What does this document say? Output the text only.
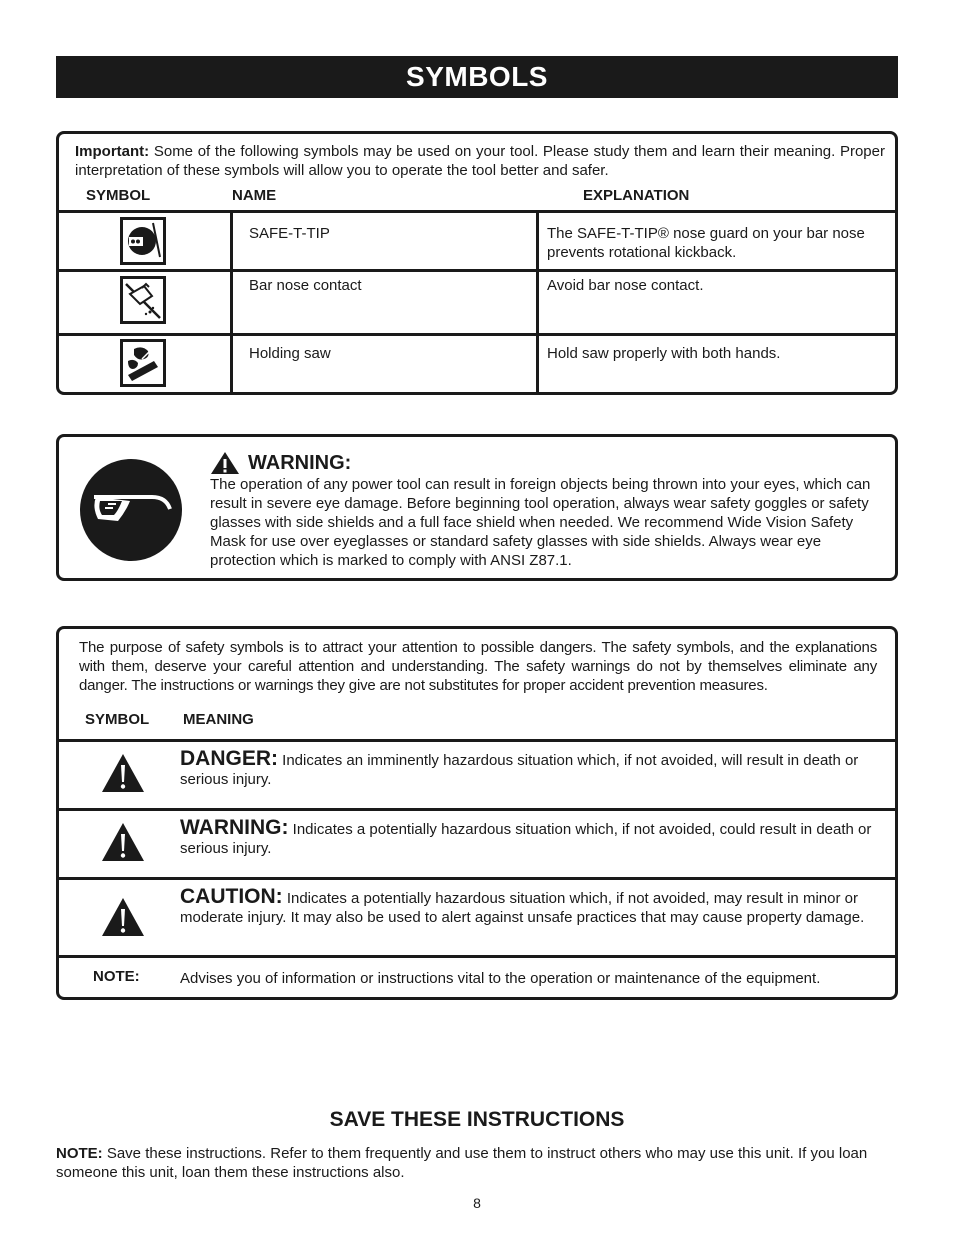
SYMBOLS
Important: Some of the following symbols may be used on your tool. Please study them and learn their meaning. Proper interpretation of these symbols will allow you to operate the tool better and safer.
SYMBOL	NAME	EXPLANATION
SAFE-T-TIP	The SAFE-T-TIP® nose guard on your bar nose prevents rotational kickback.
Bar nose contact	Avoid bar nose contact.
Holding saw	Hold saw properly with both hands.
WARNING:
The operation of any power tool can result in foreign objects being thrown into your eyes, which can result in severe eye damage. Before beginning tool operation, always wear safety goggles or safety glasses with side shields and a full face shield when needed. We recommend Wide Vision Safety Mask for use over eyeglasses or standard safety glasses with side shields. Always wear eye protection which is marked to comply with ANSI Z87.1.
The purpose of safety symbols is to attract your attention to possible dangers. The safety symbols, and the explanations with them, deserve your careful attention and understanding. The safety warnings do not by themselves eliminate any danger. The instructions or warnings they give are not substitutes for proper accident prevention measures.
SYMBOL MEANING
DANGER: Indicates an imminently hazardous situation which, if not avoided, will result in death or serious injury.
WARNING: Indicates a potentially hazardous situation which, if not avoided, could result in death or serious injury.
CAUTION: Indicates a potentially hazardous situation which, if not avoided, may result in minor or moderate injury. It may also be used to alert against unsafe practices that may cause property damage.
NOTE:	Advises you of information or instructions vital to the operation or maintenance of the equipment.
SAVE THESE INSTRUCTIONS
NOTE: Save these instructions. Refer to them frequently and use them to instruct others who may use this unit. If you loan someone this unit, loan them these instructions also.
8
